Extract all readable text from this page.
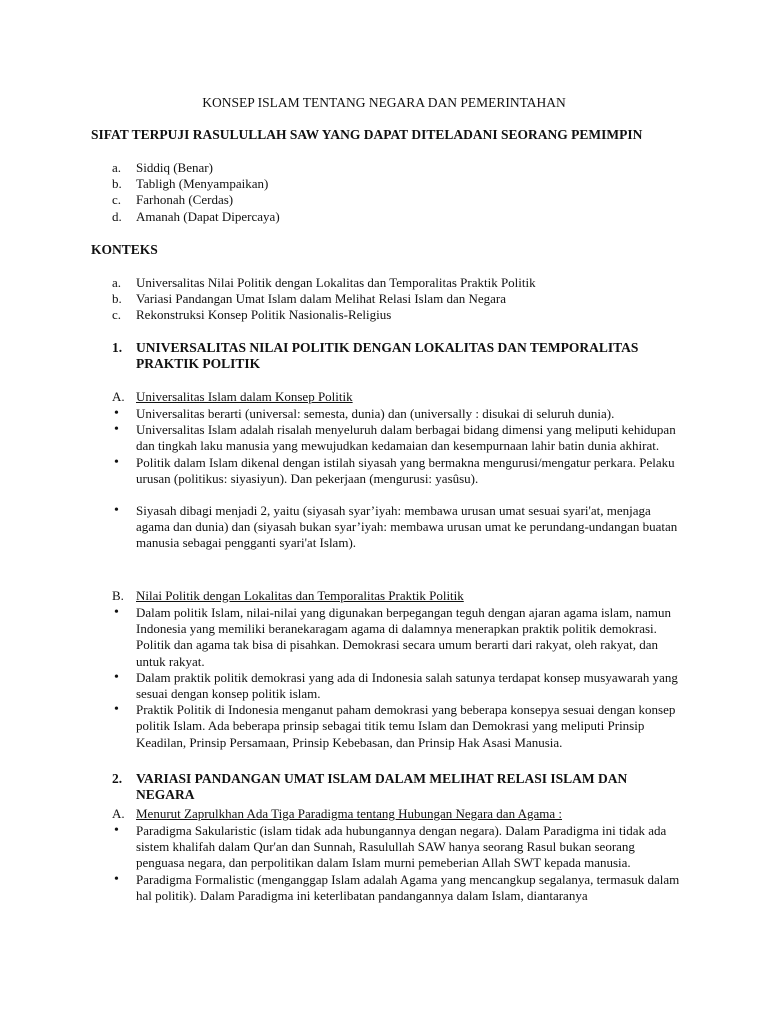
KONSEP ISLAM TENTANG NEGARA DAN PEMERINTAHAN
SIFAT TERPUJI RASULULLAH SAW YANG DAPAT DITELADANI SEORANG PEMIMPIN
a. Siddiq (Benar)
b. Tabligh (Menyampaikan)
c. Farhonah (Cerdas)
d. Amanah (Dapat Dipercaya)
KONTEKS
a. Universalitas Nilai Politik dengan Lokalitas dan Temporalitas Praktik Politik
b. Variasi Pandangan Umat Islam dalam Melihat Relasi Islam dan Negara
c. Rekonstruksi Konsep Politik Nasionalis-Religius
1. UNIVERSALITAS NILAI POLITIK DENGAN LOKALITAS DAN TEMPORALITAS PRAKTIK POLITIK
A. Universalitas Islam dalam Konsep Politik
• Universalitas berarti (universal: semesta, dunia) dan (universally : disukai di seluruh dunia).
• Universalitas Islam adalah risalah menyeluruh dalam berbagai bidang dimensi yang meliputi kehidupan dan tingkah laku manusia yang mewujudkan kedamaian dan kesempurnaan lahir batin dunia akhirat.
• Politik dalam Islam dikenal dengan istilah siyasah yang bermakna mengurusi/mengatur perkara. Pelaku urusan (politikus: siyasiyun). Dan pekerjaan (mengurusi: yasûsu).
• Siyasah dibagi menjadi 2, yaitu (siyasah syar’iyah: membawa urusan umat sesuai syari'at, menjaga agama dan dunia) dan (siyasah bukan syar’iyah: membawa urusan umat ke perundang-undangan buatan manusia sebagai pengganti syari'at Islam).
B. Nilai Politik dengan Lokalitas dan Temporalitas Praktik Politik
• Dalam politik Islam, nilai-nilai yang digunakan berpegangan teguh dengan ajaran agama islam, namun Indonesia yang memiliki beranekaragam agama di dalamnya menerapkan praktik politik demokrasi. Politik dan agama tak bisa di pisahkan. Demokrasi secara umum berarti dari rakyat, oleh rakyat, dan untuk rakyat.
• Dalam praktik politik demokrasi yang ada di Indonesia salah satunya terdapat konsep musyawarah yang sesuai dengan konsep politik islam.
• Praktik Politik di Indonesia menganut paham demokrasi yang beberapa konsepya sesuai dengan konsep politik Islam. Ada beberapa prinsip sebagai titik temu Islam dan Demokrasi yang meliputi Prinsip Keadilan, Prinsip Persamaan, Prinsip Kebebasan, dan Prinsip Hak Asasi Manusia.
2. VARIASI PANDANGAN UMAT ISLAM DALAM MELIHAT RELASI ISLAM DAN NEGARA
A. Menurut Zaprulkhan Ada Tiga Paradigma tentang Hubungan Negara dan Agama :
• Paradigma Sakularistic (islam tidak ada hubungannya dengan negara). Dalam Paradigma ini tidak ada sistem khalifah dalam Qur'an dan Sunnah, Rasulullah SAW hanya seorang Rasul bukan seorang penguasa negara, dan perpolitikan dalam Islam murni pemeberian Allah SWT kepada manusia.
• Paradigma Formalistic (menganggap Islam adalah Agama yang mencangkup segalanya, termasuk dalam hal politik). Dalam Paradigma ini keterlibatan pandangannya dalam Islam, diantaranya
